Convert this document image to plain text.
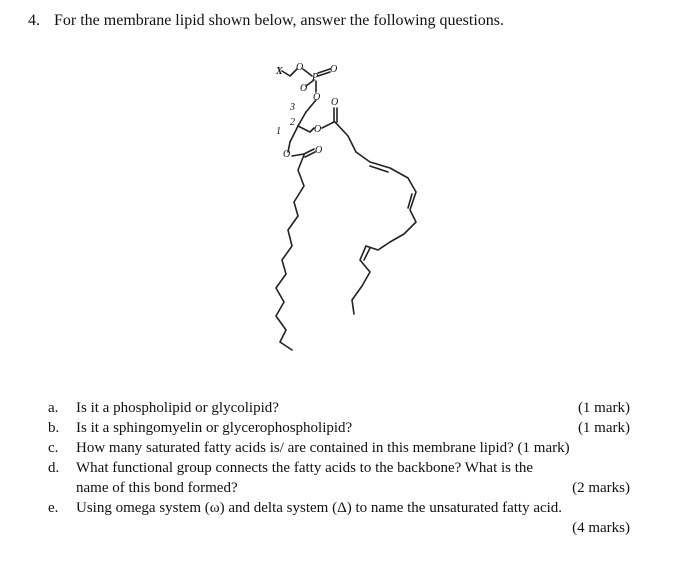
4. For the membrane lipid shown below, answer the following questions.
X O
P
O
O
O
3
2
1	O
O
O O
a. Is it a phospholipid or glycolipid?	(1 mark)
b. Is it a sphingomyelin or glycerophospholipid?	(1 mark)
c. How many saturated fatty acids is/ are contained in this membrane lipid? (1 mark)
d. What functional group connects the fatty acids to the backbone? What is the name of this bond formed?	(2 marks)
e. Using omega system (ω) and delta system (Δ) to name the unsaturated fatty acid.
(4 marks)
